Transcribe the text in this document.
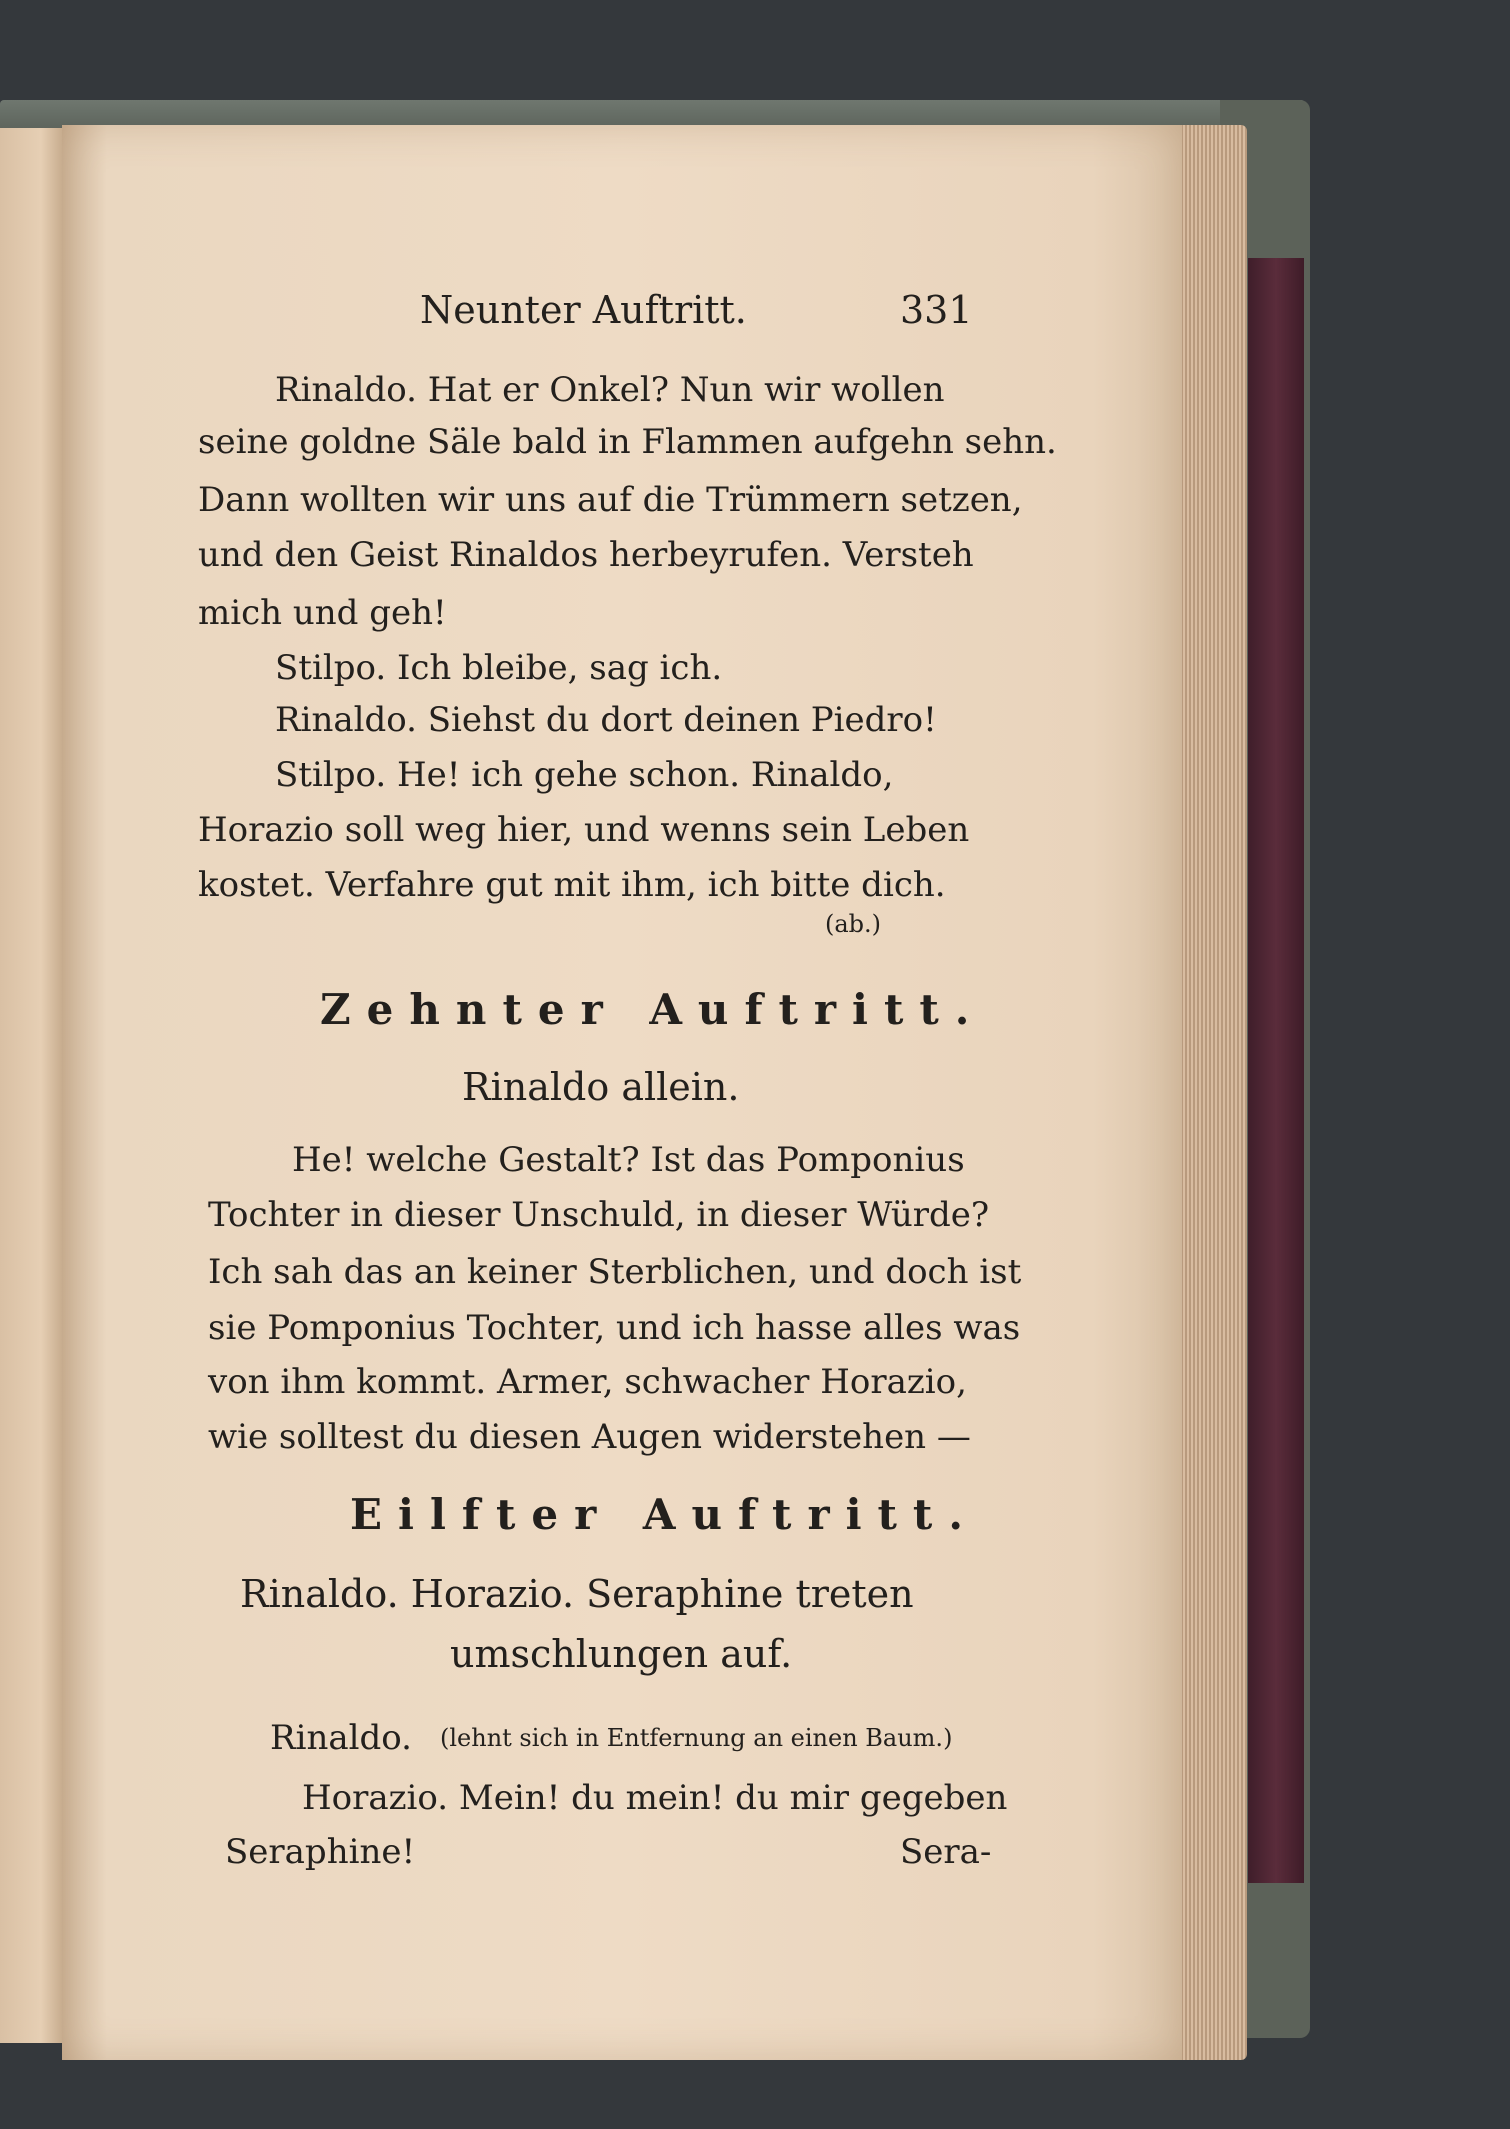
Neunter Auftritt.	331
Rinaldo. Hat er Onkel? Nun wir wollen
seine goldne Säle bald in Flammen aufgehn sehn.
Dann wollten wir uns auf die Trümmern setzen,
und den Geist Rinaldos herbeyrufen. Versteh
mich und geh!
Stilpo. Ich bleibe, sag ich.
Rinaldo. Siehst du dort deinen Piedro!
Stilpo. He! ich gehe schon. Rinaldo,
Horazio soll weg hier, und wenns sein Leben
kostet. Verfahre gut mit ihm, ich bitte dich.
(ab.)
Zehnter Auftritt.
Rinaldo allein.
He! welche Gestalt? Ist das Pomponius
Tochter in dieser Unschuld, in dieser Würde?
Ich sah das an keiner Sterblichen, und doch ist
sie Pomponius Tochter, und ich hasse alles was
von ihm kommt. Armer, schwacher Horazio,
wie solltest du diesen Augen widerstehen —
Eilfter Auftritt.
Rinaldo. Horazio. Seraphine treten
umschlungen auf.
Rinaldo. (lehnt sich in Entfernung an einen Baum.)
Horazio. Mein! du mein! du mir gegeben
Seraphine!	Sera-
